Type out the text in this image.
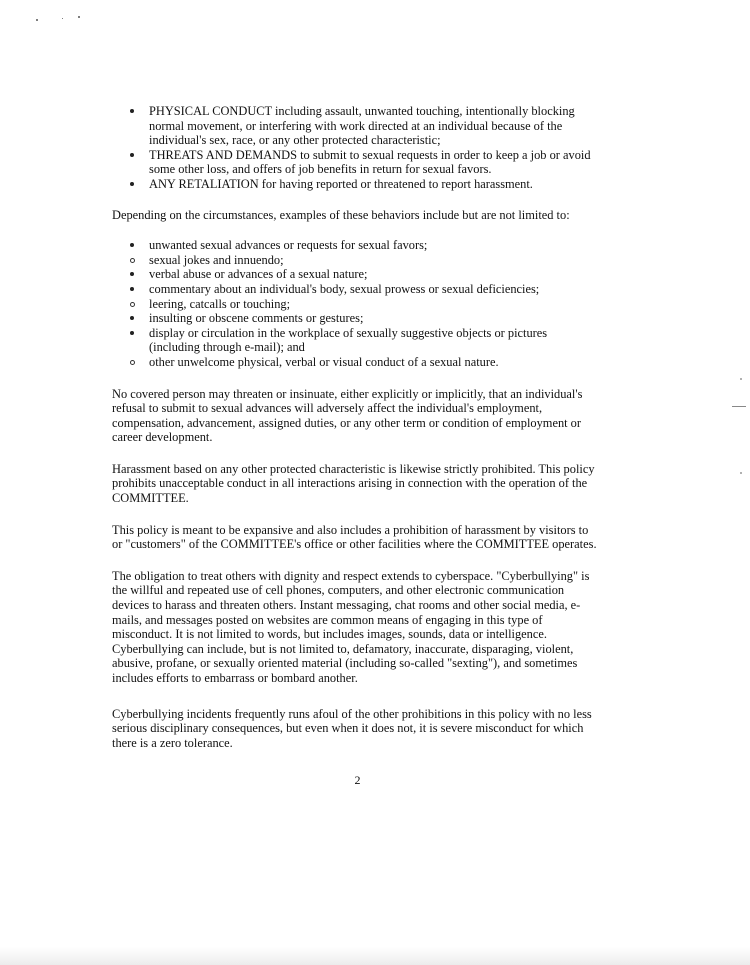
PHYSICAL CONDUCT including assault, unwanted touching, intentionally blocking normal movement, or interfering with work directed at an individual because of the individual's sex, race, or any other protected characteristic;
THREATS AND DEMANDS to submit to sexual requests in order to keep a job or avoid some other loss, and offers of job benefits in return for sexual favors.
ANY RETALIATION for having reported or threatened to report harassment.

Depending on the circumstances, examples of these behaviors include but are not limited to:

unwanted sexual advances or requests for sexual favors;
sexual jokes and innuendo;
verbal abuse or advances of a sexual nature;
commentary about an individual's body, sexual prowess or sexual deficiencies;
leering, catcalls or touching;
insulting or obscene comments or gestures;
display or circulation in the workplace of sexually suggestive objects or pictures (including through e-mail); and
other unwelcome physical, verbal or visual conduct of a sexual nature.

No covered person may threaten or insinuate, either explicitly or implicitly, that an individual's refusal to submit to sexual advances will adversely affect the individual's employment, compensation, advancement, assigned duties, or any other term or condition of employment or career development.

Harassment based on any other protected characteristic is likewise strictly prohibited. This policy prohibits unacceptable conduct in all interactions arising in connection with the operation of the COMMITTEE.

This policy is meant to be expansive and also includes a prohibition of harassment by visitors to or "customers" of the COMMITTEE's office or other facilities where the COMMITTEE operates.

The obligation to treat others with dignity and respect extends to cyberspace. "Cyberbullying" is the willful and repeated use of cell phones, computers, and other electronic communication devices to harass and threaten others. Instant messaging, chat rooms and other social media, e-mails, and messages posted on websites are common means of engaging in this type of misconduct. It is not limited to words, but includes images, sounds, data or intelligence. Cyberbullying can include, but is not limited to, defamatory, inaccurate, disparaging, violent, abusive, profane, or sexually oriented material (including so-called "sexting"), and sometimes includes efforts to embarrass or bombard another.

Cyberbullying incidents frequently runs afoul of the other prohibitions in this policy with no less serious disciplinary consequences, but even when it does not, it is severe misconduct for which there is a zero tolerance.

2
